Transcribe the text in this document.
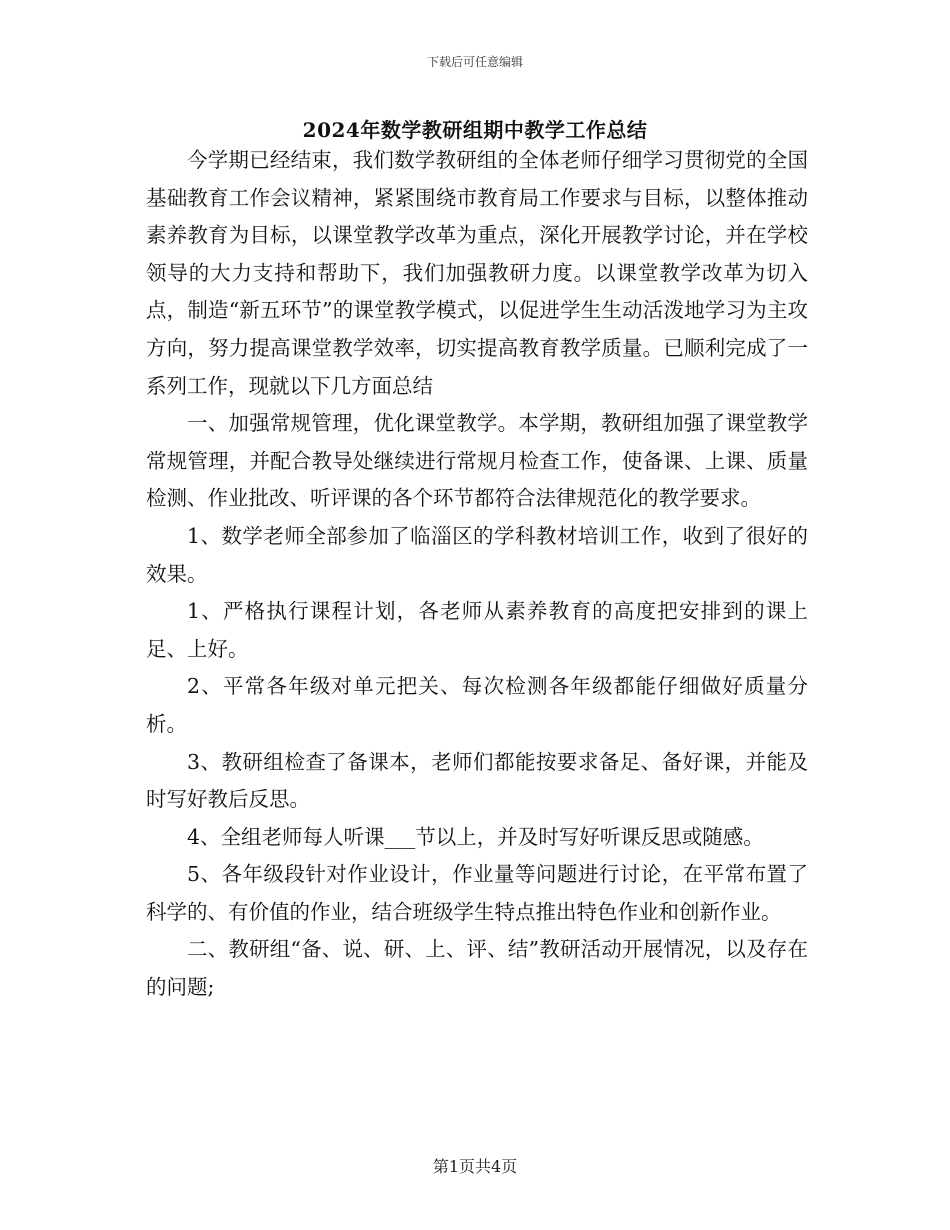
下载后可任意编辑
2024年数学教研组期中教学工作总结

今学期已经结束，我们数学教研组的全体老师仔细学习贯彻党的全国基础教育工作会议精神，紧紧围绕市教育局工作要求与目标，以整体推动素养教育为目标，以课堂教学改革为重点，深化开展教学讨论，并在学校领导的大力支持和帮助下，我们加强教研力度。以课堂教学改革为切入点，制造“新五环节”的课堂教学模式，以促进学生生动活泼地学习为主攻方向，努力提高课堂教学效率，切实提高教育教学质量。已顺利完成了一系列工作，现就以下几方面总结

一、加强常规管理，优化课堂教学。本学期，教研组加强了课堂教学常规管理，并配合教导处继续进行常规月检查工作，使备课、上课、质量检测、作业批改、听评课的各个环节都符合法律规范化的教学要求。

1、数学老师全部参加了临淄区的学科教材培训工作，收到了很好的效果。

1、严格执行课程计划，各老师从素养教育的高度把安排到的课上足、上好。

2、平常各年级对单元把关、每次检测各年级都能仔细做好质量分析。

3、教研组检查了备课本，老师们都能按要求备足、备好课，并能及时写好教后反思。

4、全组老师每人听课___节以上，并及时写好听课反思或随感。

5、各年级段针对作业设计，作业量等问题进行讨论，在平常布置了科学的、有价值的作业，结合班级学生特点推出特色作业和创新作业。

二、教研组“备、说、研、上、评、结”教研活动开展情况，以及存在的问题;

第1页共4页
